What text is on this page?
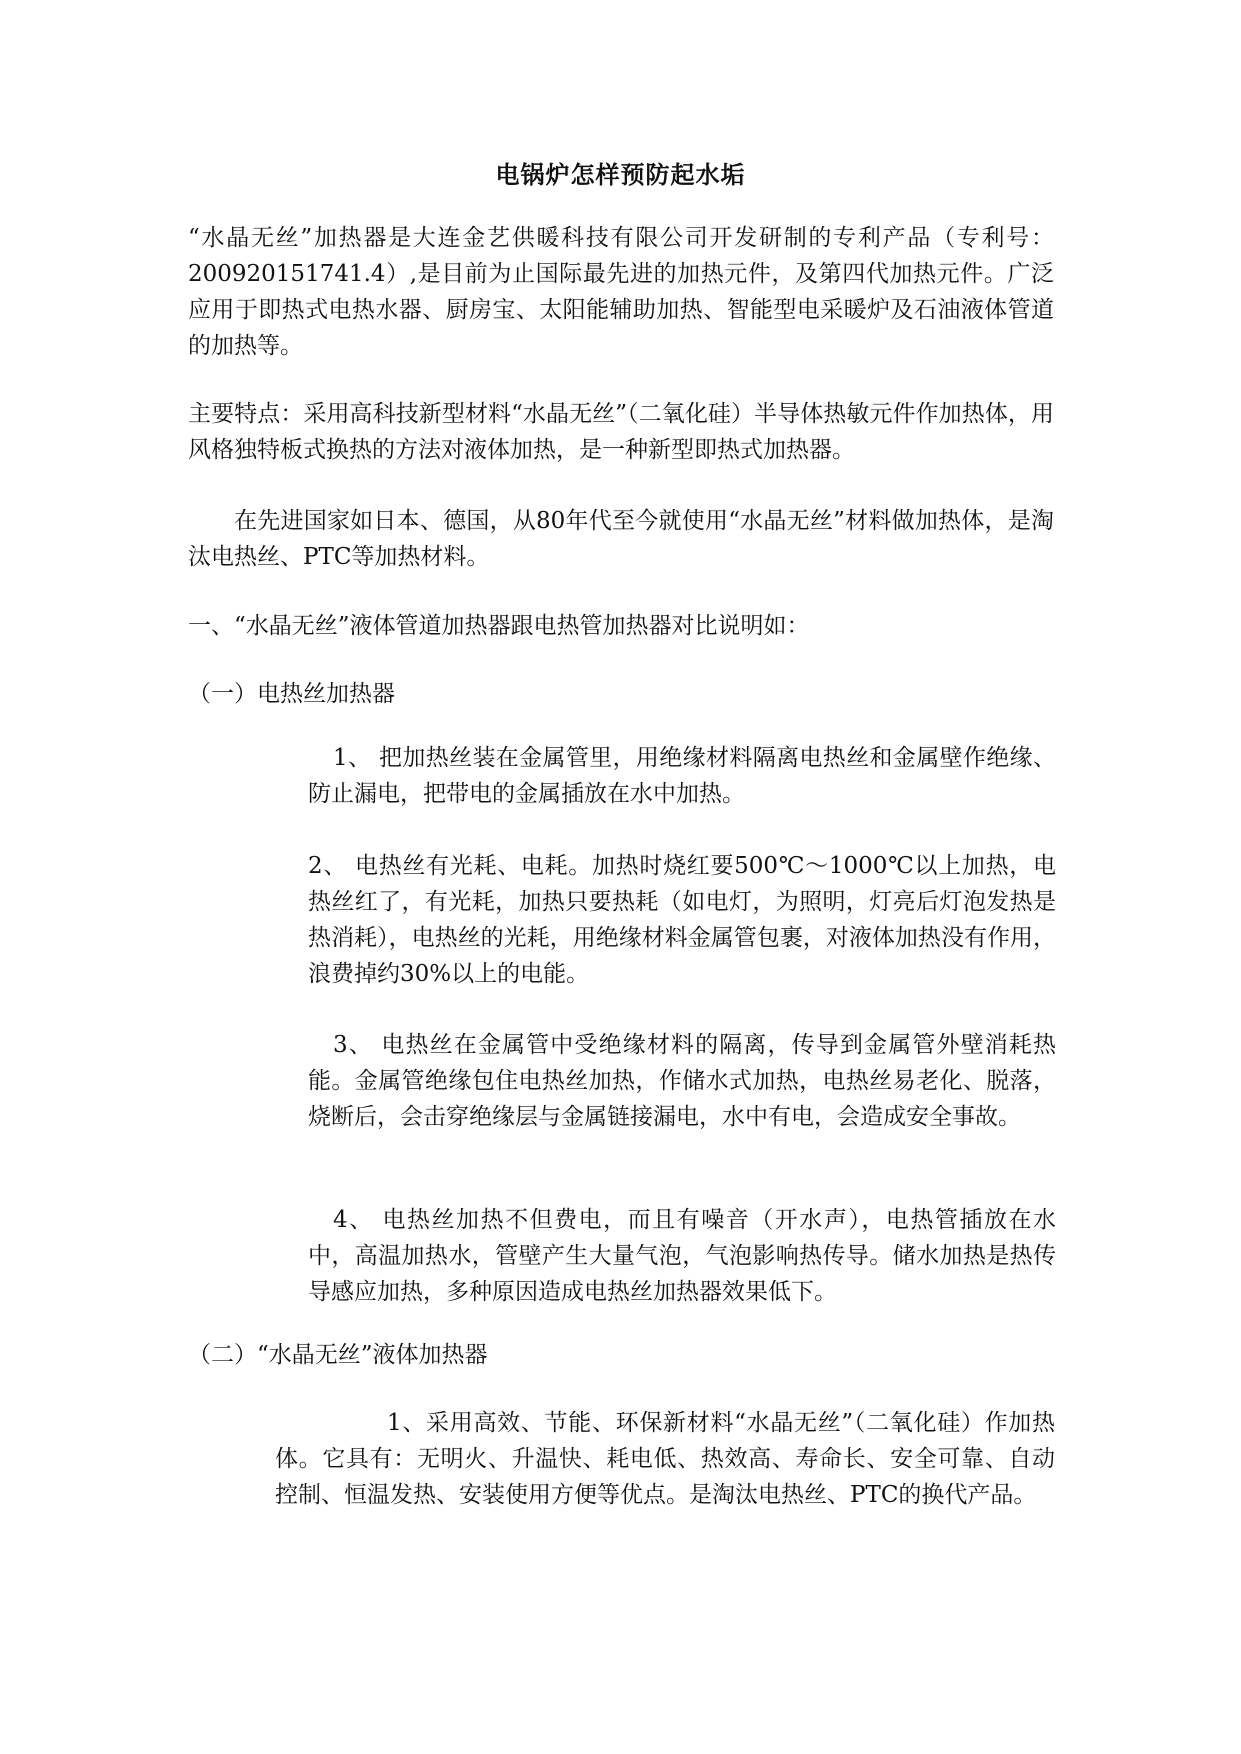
电锅炉怎样预防起水垢

“水晶无丝”加热器是大连金艺供暖科技有限公司开发研制的专利产品（专利号：200920151741.4）,是目前为止国际最先进的加热元件，及第四代加热元件。广泛应用于即热式电热水器、厨房宝、太阳能辅助加热、智能型电采暖炉及石油液体管道的加热等。

主要特点：采用高科技新型材料“水晶无丝”（二氧化硅）半导体热敏元件作加热体，用风格独特板式换热的方法对液体加热，是一种新型即热式加热器。

在先进国家如日本、德国，从80年代至今就使用“水晶无丝”材料做加热体，是淘汰电热丝、PTC等加热材料。

一、“水晶无丝”液体管道加热器跟电热管加热器对比说明如：

（一）电热丝加热器

1、 把加热丝装在金属管里，用绝缘材料隔离电热丝和金属壁作绝缘、防止漏电，把带电的金属插放在水中加热。

2、 电热丝有光耗、电耗。加热时烧红要500℃～1000℃以上加热，电热丝红了，有光耗，加热只要热耗（如电灯，为照明，灯亮后灯泡发热是热消耗），电热丝的光耗，用绝缘材料金属管包裹，对液体加热没有作用，浪费掉约30%以上的电能。

3、 电热丝在金属管中受绝缘材料的隔离，传导到金属管外壁消耗热能。金属管绝缘包住电热丝加热，作储水式加热，电热丝易老化、脱落，烧断后，会击穿绝缘层与金属链接漏电，水中有电，会造成安全事故。

4、 电热丝加热不但费电，而且有噪音（开水声），电热管插放在水中，高温加热水，管壁产生大量气泡，气泡影响热传导。储水加热是热传导感应加热，多种原因造成电热丝加热器效果低下。

（二）“水晶无丝”液体加热器

1、采用高效、节能、环保新材料“水晶无丝”（二氧化硅）作加热体。它具有：无明火、升温快、耗电低、热效高、寿命长、安全可靠、自动控制、恒温发热、安装使用方便等优点。是淘汰电热丝、PTC的换代产品。
